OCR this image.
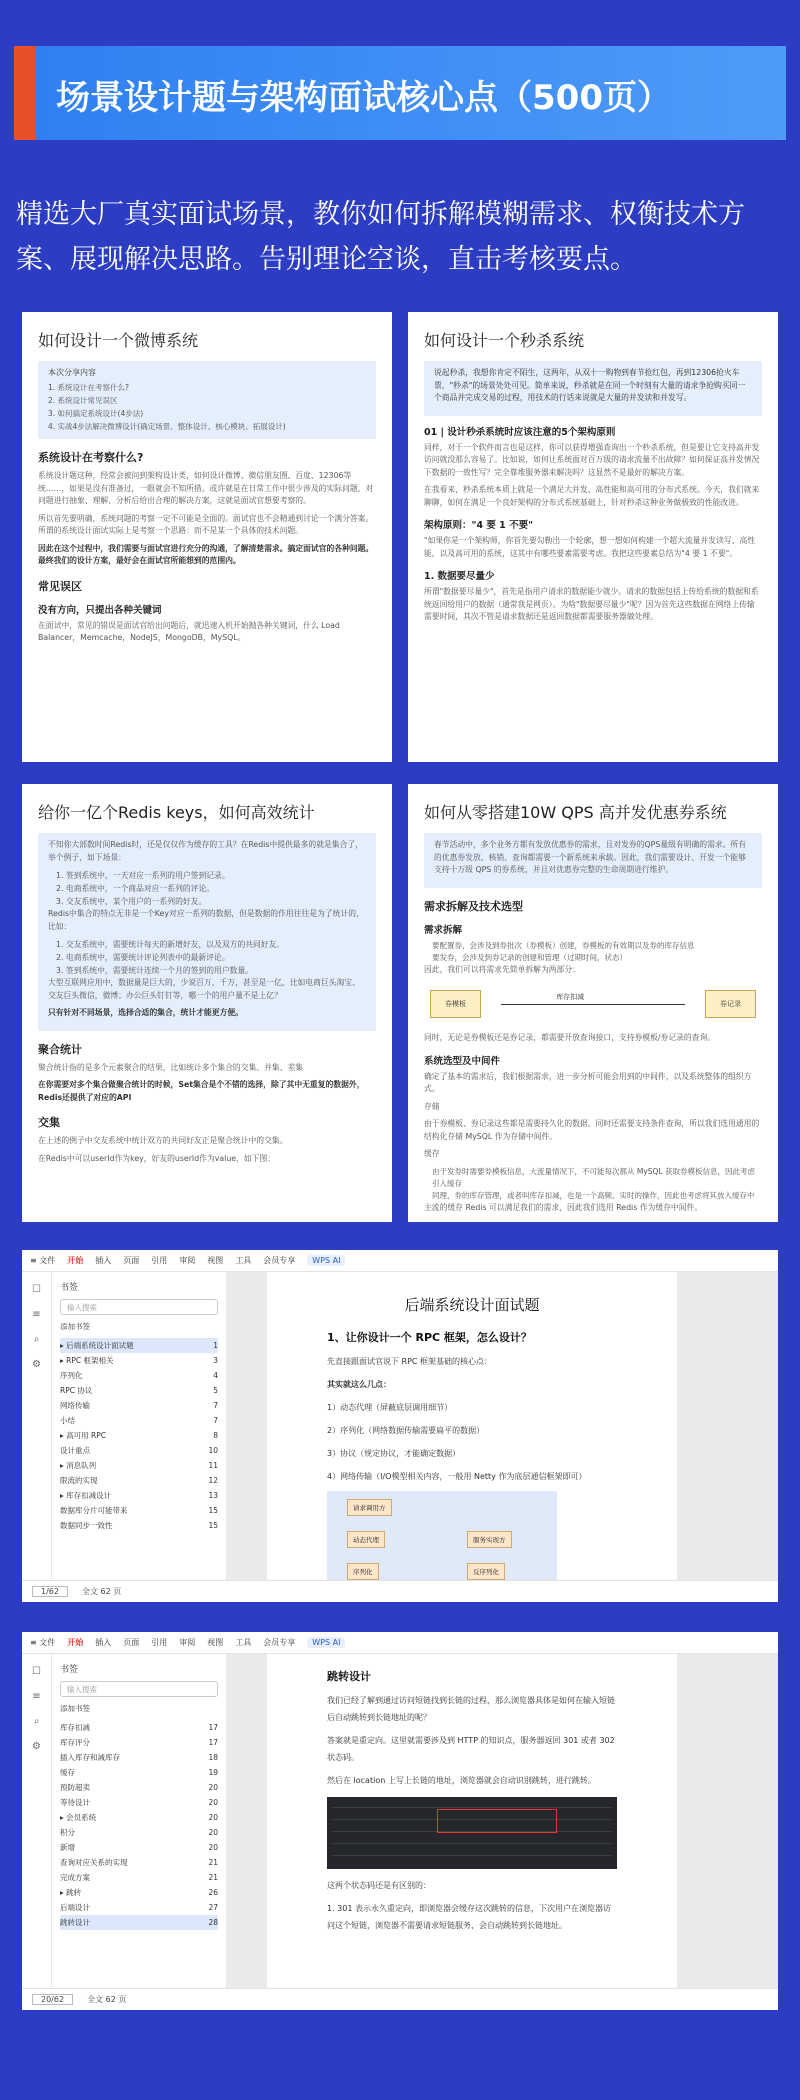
场景设计题与架构面试核心点（500页）
精选大厂真实面试场景，教你如何拆解模糊需求、权衡技术方案、展现解决思路。告别理论空谈，直击考核要点。
如何设计一个微博系统
本次分享内容
1. 系统设计在考察什么?
2. 系统设计常见误区
3. 如何搞定系统设计(4步法)
4. 实战4步法解决微博设计(确定场景、整体设计、核心模块、拓展设计)
系统设计在考察什么?

系统设计题这种，经常会被问到架构设计类，如何设计微博、微信朋友圈、百度、12306等统……，如果是没有准备过，一眼就会不知所措。或许就是在日常工作中很少涉及的实际问题，对问题进行抽象、理解、分析后给出合理的解决方案，这就是面试官想要考察的。

所以首先要明确，系统问题的考察一定不可能是全面的。面试官也不会精通到讨论一个满分答案。所谓的系统设计面试实际上是考察一个思路：而不是某一个具体的技术问题。

因此在这个过程中，我们需要与面试官进行充分的沟通，了解清楚需求。搞定面试官的各种问题。最终我们的设计方案，最好会在面试官所能想到的范围内。

常见误区
没有方向，只提出各种关键词

在面试中，常见的错误是面试官给出问题后，就迅速入机开始抛各种关键词，什么 Load Balancer，Memcache，NodeJS，MongoDB，MySQL。

如何设计一个秒杀系统

说起秒杀，我想你肯定不陌生，这两年，从双十一购物到春节抢红包，再到12306抢火车票，"秒杀"的场景处处可见。简单来说，秒杀就是在同一个时刻有大量的请求争抢购买同一个商品并完成交易的过程，用技术的行话来说就是大量的并发读和并发写。

01 | 设计秒杀系统时应该注意的5个架构原则

同样，对于一个软件而言也是这样，你可以获得增强查询出一个秒杀系统，但是要让它支持高并发访问就没那么容易了。比如说，如何让系统面对百万级的请求流量不出故障？如何保证高并发情况下数据的一致性写？完全靠堆服务器来解决吗？这显然不是最好的解决方案。

在我看来，秒杀系统本质上就是一个满足大并发、高性能和高可用的分布式系统。今天，我们就来聊聊，如何在满足一个良好架构的分布式系统基础上，针对秒杀这种业务做极致的性能改进。

架构原则："4 要 1 不要"

"如果你是一个架构师，你首先要勾勒出一个轮廓，想一想如何构建一个超大流量并发读写、高性能，以及高可用的系统，这其中有哪些要素需要考虑。我把这些要素总结为"4 要 1 不要"。

1. 数据要尽量少

所谓"数据要尽量少"，首先是指用户请求的数据能少就少。请求的数据包括上传给系统的数据和系统返回给用户的数据（通常我是网页）。为啥"数据要尽量少"呢？因为首先这些数据在网络上传输需要时间，其次不管是请求数据还是返回数据都需要服务器做处理。

给你一亿个Redis keys，如何高效统计

不知你大部数时间Redis时，还是仅仅作为缓存的工具？在Redis中提供最多的就是集合了，举个例子，如下场景：

1. 签到系统中，一天对应一系列的用户签到记录。
2. 电商系统中，一个商品对应一系列的评论。
3. 交友系统中，某个用户的一系列的好友。

Redis中集合的特点无非是一个Key对应一系列的数据，但是数据的作用往往是为了统计的，比如：

1. 交友系统中，需要统计每天的新增好友，以及双方的共同好友。
2. 电商系统中，需要统计评论列表中的最新评论。
3. 签到系统中，需要统计连续一个月的签到的用户数量。

大型互联网应用中，数据量是巨大的，少说百万、千万，甚至是一亿，比如电商巨头淘宝、交友巨头微信，微博；办公巨头钉钉等，哪一个的用户量不是上亿？

只有针对不同场景，选择合适的集合，统计才能更方便。

聚合统计

聚合统计指的是多个元素聚合的结果，比如统计多个集合的交集、并集、差集

在你需要对多个集合做聚合统计的时候，Set集合是个不错的选择，除了其中无重复的数据外，Redis还提供了对应的API

交集

在上述的例子中交友系统中统计双方的共同好友正是聚合统计中的交集。

在Redis中可以userId作为key，好友的userId作为value，如下图：

如何从零搭建10W QPS 高并发优惠券系统

春节活动中，多个业务方都有发放优惠券的需求，且对发券的QPS量级有明确的需求。所有的优惠券发放、核销、查询都需要一个新系统来承载。因此，我们需要设计、开发一个能够支持十万级 QPS 的券系统，并且对优惠券完整的生命周期进行维护。

需求拆解及技术选型
需求拆解
要配置券，会涉及到券批次（券模板）创建，券模板的有效期以及券的库存信息
要发券，会涉及到券记录的创建和管理（过期时间，状态）

因此，我们可以将需求先简单拆解为两部分：

券模板
库存扣减
券记录

同时，无论是券模板还是券记录，都需要开放查询接口，支持券模板/券记录的查询。

系统选型及中间件

确定了基本的需求后，我们根据需求，进一步分析可能会用到的中间件，以及系统整体的组织方式。

存储

由于券模板、券记录这些都是需要持久化的数据，同时还需要支持条件查询，所以我们选用通用的结构化存储 MySQL 作为存储中间件。

缓存

由于发券时需要券模板信息，大流量情况下，不可能每次都从 MySQL 获取券模板信息，因此考虑引入缓存
同理，券的库存管理，或者叫库存扣减，也是一个高频、实时的操作，因此也考虑将其放入缓存中

主流的缓存 Redis 可以满足我们的需求，因此我们选用 Redis 作为缓存中间件。

≡ 文件 开始 插入 页面 引用 审阅 视图 工具 会员专享	WPS AI
☐
≡
⌕
⚙
书签
输入搜索
添加书签
▸ 后端系统设计面试题	1
▸ RPC 框架相关	3
序列化	4
RPC 协议	5
网络传输	7
小结	7
▸ 高可用 RPC	8
设计重点	10
▸ 消息队列	11
限流的实现	12
▸ 库存扣减设计	13
数据库分片可能带来	15
数据同步一致性	15
后端系统设计面试题
1、让你设计一个 RPC 框架，怎么设计？

先直接跟面试官说下 RPC 框架基础的核心点：

其实就这么几点：

1）动态代理（屏蔽底层调用细节）

2）序列化（网络数据传输需要扁平的数据）

3）协议（规定协议，才能确定数据）

4）网络传输（I/O模型相关内容，一般用 Netty 作为底层通信框架即可）

请求调用方
动态代理
序列化
服务实现方
反序列化
1/62	全文 62 页
≡ 文件 开始 插入 页面 引用 审阅 视图 工具 会员专享	WPS AI
☐
≡
⌕
⚙
书签
输入搜索
添加书签
库存扣减	17
库存评分	17
插入库存和减库存	18
缓存	19
预防超卖	20
等待设计	20
▸ 会员系统	20
积分	20
新增	20
查询对应关系的实现	21
完成方案	21
▸ 跳转	26
后端设计	27
跳转设计	28
跳转设计

我们已经了解到通过访问短链找到长链的过程，那么浏览器具体是如何在输入短链后自动跳转到长链地址的呢？

答案就是重定向。这里就需要涉及到 HTTP 的知识点，服务器返回 301 或者 302 状态码。

然后在 location 上写上长链的地址，浏览器就会自动识别跳转，进行跳转。

这两个状态码还是有区别的：

1. 301 表示永久重定向，即浏览器会缓存这次跳转的信息，下次用户在浏览器访问这个短链，浏览器不需要请求短链服务，会自动跳转到长链地址。

20/62	全文 62 页
